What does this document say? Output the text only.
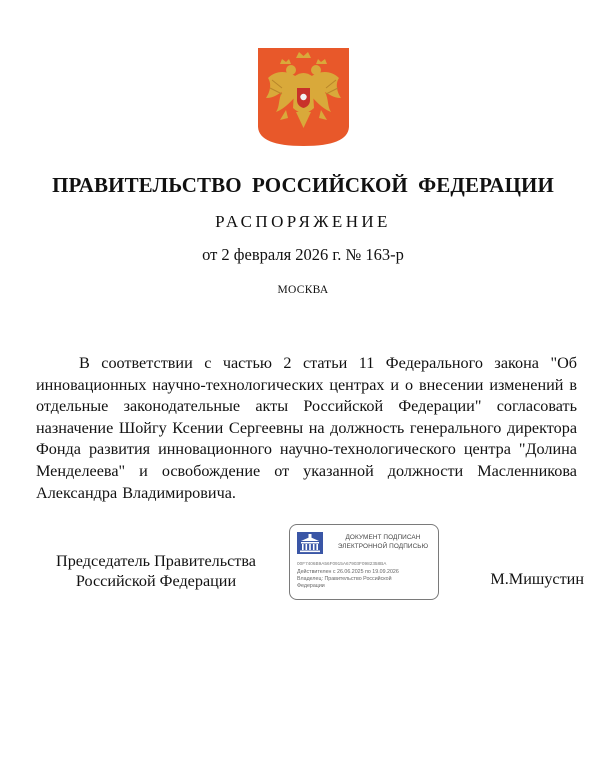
ПРАВИТЕЛЬСТВО РОССИЙСКОЙ ФЕДЕРАЦИИ
РАСПОРЯЖЕНИЕ
от 2 февраля 2026 г. № 163-р
МОСКВА

В соответствии с частью 2 статьи 11 Федерального закона "Об инновационных научно-технологических центрах и о внесении изменений в отдельные законодательные акты Российской Федерации" согласовать назначение Шойгу Ксении Сергеевны на должность генерального директора Фонда развития инновационного научно-технологического центра "Долина Менделеева" и освобождение от указанной должности Масленникова Александра Владимировича.

Председатель Правительства
Российской Федерации
ДОКУМЕНТ ПОДПИСАН
ЭЛЕКТРОННОЙ ПОДПИСЬЮ
00F7406B9A56F0915A67903F0982358BA
Действителен с 26.06.2025 по 19.09.2026
Владелец: Правительство Российской
Федерации	М.Мишустин
